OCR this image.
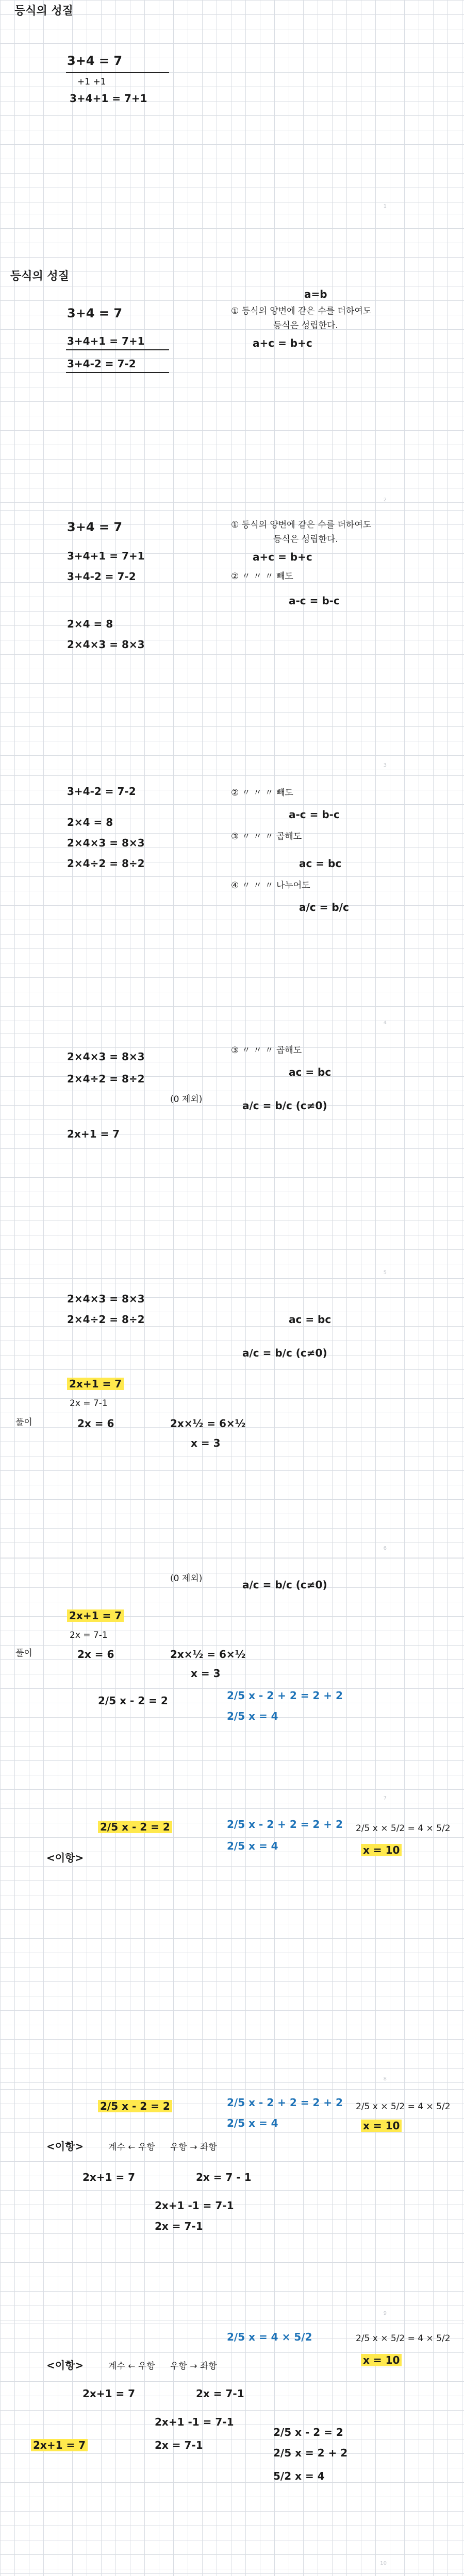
등식의 성질
3+4 = 7
+1 +1
3+4+1 = 7+1
1
등식의 성질
a=b
3+4 = 7	① 등식의 양변에 같은 수를 더하여도
등식은 성립한다.
3+4+1 = 7+1	a+c = b+c
3+4-2 = 7-2
2
3+4 = 7	① 등식의 양변에 같은 수를 더하여도
등식은 성립한다.
3+4+1 = 7+1	a+c = b+c
3+4-2 = 7-2	② 〃 〃 〃 빼도
a-c = b-c
2×4 = 8
2×4×3 = 8×3
3
3+4-2 = 7-2	② 〃 〃 〃 빼도
a-c = b-c
2×4 = 8
2×4×3 = 8×3	③ 〃 〃 〃 곱해도
2×4÷2 = 8÷2	ac = bc
④ 〃 〃 〃 나누어도
a/c = b/c
4
2×4×3 = 8×3	③ 〃 〃 〃 곱해도
ac = bc
2×4÷2 = 8÷2
(0 제외)	a/c = b/c (c≠0)
2x+1 = 7
5
2×4×3 = 8×3
2×4÷2 = 8÷2	ac = bc
a/c = b/c (c≠0)
2x+1 = 7
2x = 7-1
풀이	2x = 6	2x×½ = 6×½
x = 3
6
(0 제외)	a/c = b/c (c≠0)
2x+1 = 7
2x = 7-1
풀이	2x = 6	2x×½ = 6×½
x = 3
2/5 x - 2 = 2	2/5 x - 2 + 2 = 2 + 2
2/5 x = 4
7
2/5 x - 2 = 2	2/5 x - 2 + 2 = 2 + 2 2/5 x × 5/2 = 4 × 5/2
2/5 x = 4	x = 10
<이항>
8
2/5 x - 2 = 2	2/5 x - 2 + 2 = 2 + 2 2/5 x × 5/2 = 4 × 5/2
2/5 x = 4	x = 10
<이항>	계수 ← 우항 우항 → 좌항
2x+1 = 7	2x = 7 - 1
2x+1 -1 = 7-1
2x = 7-1
9
2/5 x = 4 × 5/2	2/5 x × 5/2 = 4 × 5/2
x = 10
<이항>	계수 ← 우항 우항 → 좌항
2x+1 = 7	2x = 7-1
2x+1 -1 = 7-1
2x+1 = 7	2x = 7-1
2/5 x - 2 = 2
2/5 x = 2 + 2
5/2 x = 4
10
